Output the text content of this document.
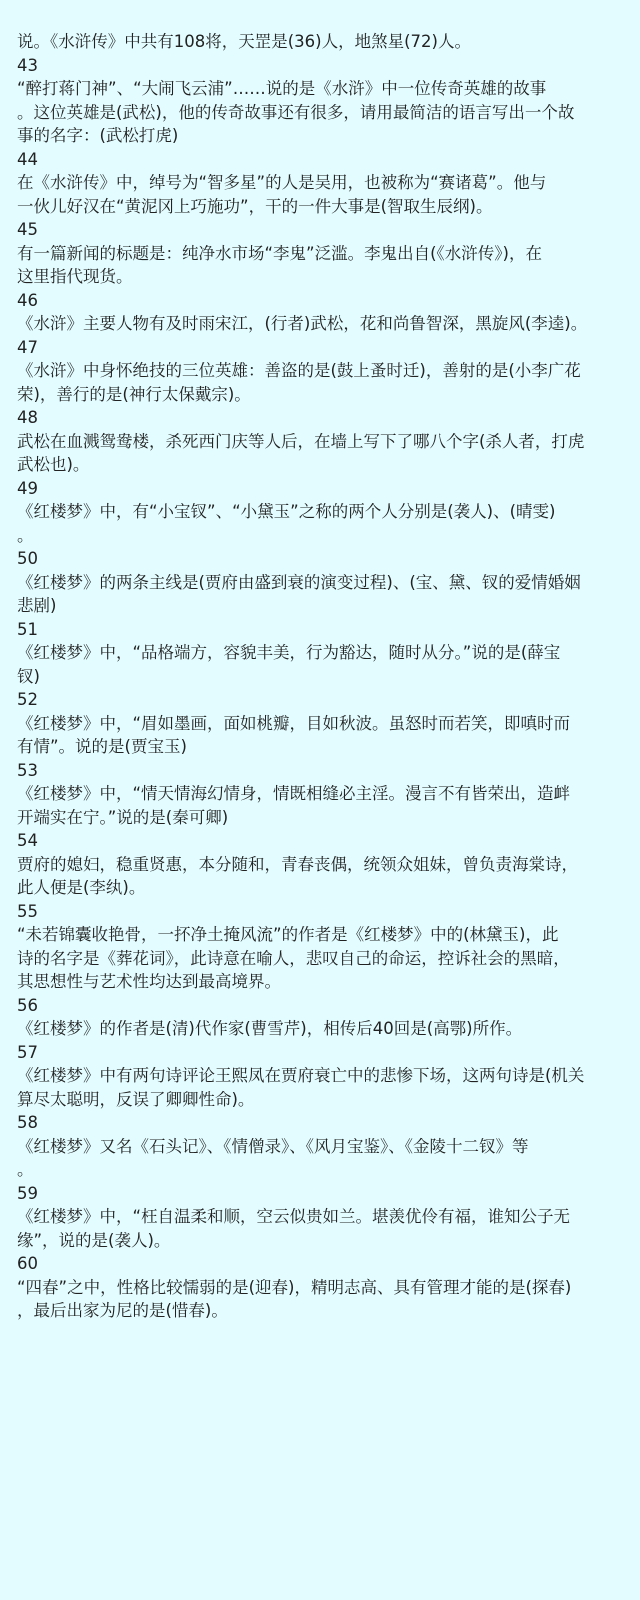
说。《水浒传》中共有108将，天罡是(36)人，地煞星(72)人。
43
“醉打蒋门神”、“大闹飞云浦”……说的是《水浒》中一位传奇英雄的故事
。这位英雄是(武松)，他的传奇故事还有很多，请用最简洁的语言写出一个故
事的名字：(武松打虎)
44
在《水浒传》中，绰号为“智多星”的人是吴用，也被称为“赛诸葛”。他与
一伙儿好汉在“黄泥冈上巧施功”，干的一件大事是(智取生辰纲)。
45
有一篇新闻的标题是：纯净水市场“李鬼”泛滥。李鬼出自(《水浒传》)，在
这里指代现货。
46
《水浒》主要人物有及时雨宋江，(行者)武松，花和尚鲁智深，黑旋风(李逵)。
47
《水浒》中身怀绝技的三位英雄：善盗的是(鼓上蚤时迁)，善射的是(小李广花
荣)，善行的是(神行太保戴宗)。
48
武松在血溅鸳鸯楼，杀死西门庆等人后，在墙上写下了哪八个字(杀人者，打虎
武松也)。
49
《红楼梦》中，有“小宝钗”、“小黛玉”之称的两个人分别是(袭人)、(晴雯)
。
50
《红楼梦》的两条主线是(贾府由盛到衰的演变过程)、(宝、黛、钗的爱情婚姻
悲剧)
51
《红楼梦》中，“品格端方，容貌丰美，行为豁达，随时从分。”说的是(薛宝
钗)
52
《红楼梦》中，“眉如墨画，面如桃瓣，目如秋波。虽怒时而若笑，即嗔时而
有情”。说的是(贾宝玉)
53
《红楼梦》中，“情天情海幻情身，情既相缝必主淫。漫言不有皆荣出，造衅
开端实在宁。”说的是(秦可卿)
54
贾府的媳妇，稳重贤惠，本分随和，青春丧偶，统领众姐妹，曾负责海棠诗，
此人便是(李纨)。
55
“未若锦囊收艳骨，一抔净土掩风流”的作者是《红楼梦》中的(林黛玉)，此
诗的名字是《葬花词》，此诗意在喻人，悲叹自己的命运，控诉社会的黑暗，
其思想性与艺术性均达到最高境界。
56
《红楼梦》的作者是(清)代作家(曹雪芹)，相传后40回是(高鄂)所作。
57
《红楼梦》中有两句诗评论王熙凤在贾府衰亡中的悲惨下场，这两句诗是(机关
算尽太聪明，反误了卿卿性命)。
58
《红楼梦》又名《石头记》、《情僧录》、《风月宝鉴》、《金陵十二钗》等
。
59
《红楼梦》中，“枉自温柔和顺，空云似贵如兰。堪羡优伶有福，谁知公子无
缘”，说的是(袭人)。
60
“四春”之中，性格比较懦弱的是(迎春)，精明志高、具有管理才能的是(探春)
，最后出家为尼的是(惜春)。
